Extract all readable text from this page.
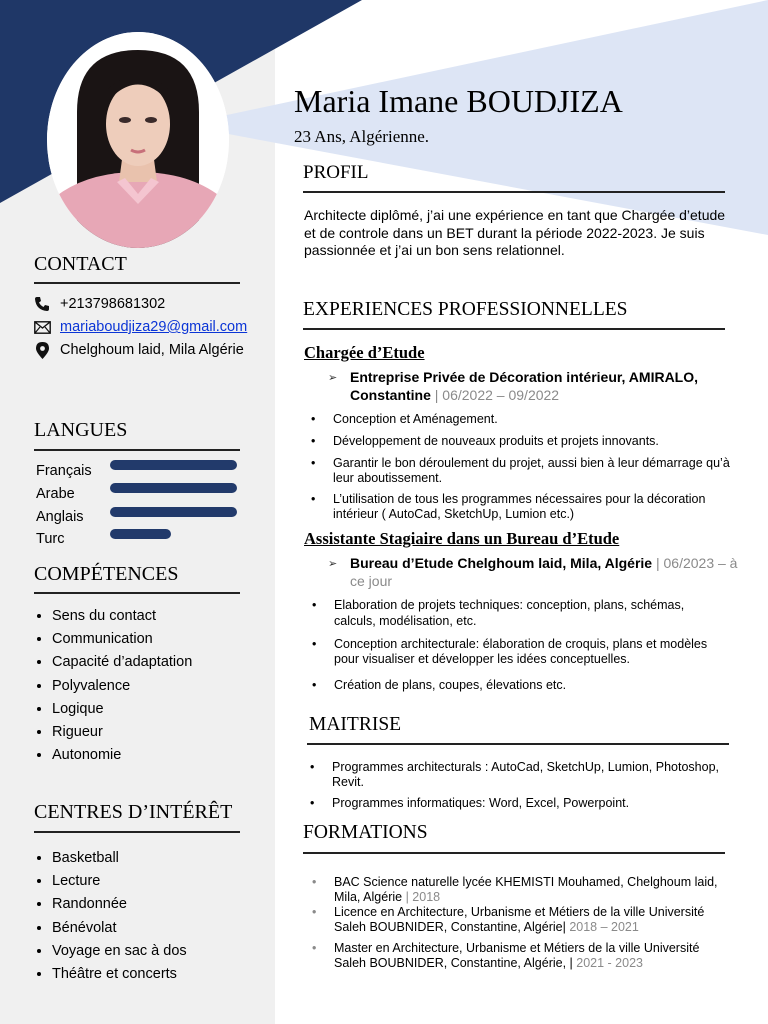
Maria Imane BOUDJIZA
23 Ans, Algérienne.
CONTACT
+213798681302
mariaboudjiza29@gmail.com
Chelghoum laid, Mila Algérie
LANGUES
Français
Arabe
Anglais
Turc
COMPÉTENCES
• Sens du contact
• Communication
• Capacité d’adaptation
• Polyvalence
• Logique
• Rigueur
• Autonomie
CENTRES D’INTÉRÊT
• Basketball
• Lecture
• Randonnée
• Bénévolat
• Voyage en sac à dos
• Théâtre et concerts
PROFIL
Architecte diplômé, j’ai une expérience en tant que Chargée d’etude et de controle dans un BET durant la période 2022-2023. Je suis passionnée et j’ai un bon sens relationnel.
EXPERIENCES PROFESSIONNELLES
Chargée d’Etude
➢ Entreprise Privée de Décoration intérieur, AMIRALO,
Constantine | 06/2022 – 09/2022
• Conception et Aménagement.
• Développement de nouveaux produits et projets innovants.
• Garantir le bon déroulement du projet, aussi bien à leur démarrage qu’à leur aboutissement.
• L’utilisation de tous les programmes nécessaires pour la décoration intérieur ( AutoCad, SketchUp, Lumion etc.)
Assistante Stagiaire dans un Bureau d’Etude
➢ Bureau d’Etude Chelghoum laid, Mila, Algérie | 06/2023 – à ce jour
• Elaboration de projets techniques: conception, plans, schémas, calculs, modélisation, etc.
• Conception architecturale: élaboration de croquis, plans et modèles pour visualiser et développer les idées conceptuelles.
• Création de plans, coupes, élevations etc.
MAITRISE
• Programmes architecturals : AutoCad, SketchUp, Lumion, Photoshop, Revit.
• Programmes informatiques: Word, Excel, Powerpoint.
FORMATIONS
• BAC Science naturelle lycée KHEMISTI Mouhamed, Chelghoum laid, Mila, Algérie | 2018
• Licence en Architecture, Urbanisme et Métiers de la ville Université Saleh BOUBNIDER, Constantine, Algérie| 2018 – 2021
• Master en Architecture, Urbanisme et Métiers de la ville Université Saleh BOUBNIDER, Constantine, Algérie, | 2021 - 2023
